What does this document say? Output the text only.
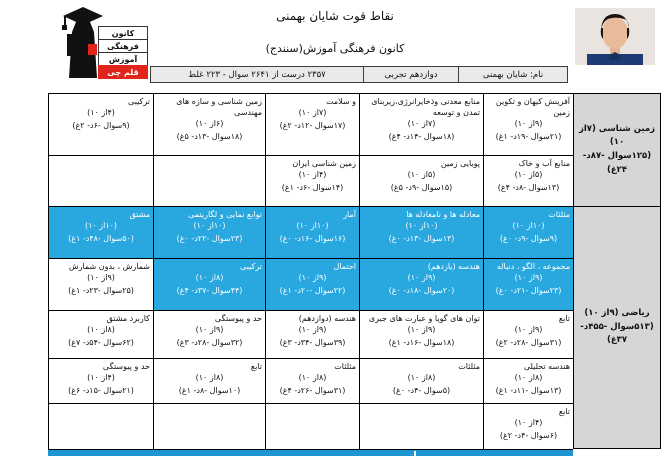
کانون
فرهنگی
آموزش
قلم چی
نقاط قوت شایان بهمنی
کانون فرهنگی آموزش(سنندج)
نام: شایان بهمنی
دوازدهم تجربی
۲۳۵۷ درست از ۲۶۴۱ سوال - ۲۲۳ غلط
زمین شناسی (۷از ۱۰)
(۱۲۵سوال -۸۷د- ۲۴غ)
ریاضی (۹از ۱۰)
(۵۱۳سوال -۴۵۵د- ۳۷غ)
آفرینش کیهان و تکوین زمین
(۹از ۱۰)
(۲۱سوال -۱۹د- ۱غ)
منابع معدنی وذخایرانرژی،زیربنای تمدن و توسعه
(۷از ۱۰)
(۱۸سوال -۱۴د- ۴غ)
و سلامت
(۷از ۱۰)
(۱۷سوال -۱۲د- ۲غ)
زمین شناسی و سازه های مهندسی
(۶از ۱۰)
(۱۸سوال -۱۳د- ۵غ)
ترکیبی
(۴از ۱۰)
(۹سوال -۶د- ۲غ)
منابع آب و خاک
(۵از ۱۰)
(۱۳سوال -۸د- ۴غ)
پویایی زمین
(۵از ۱۰)
(۱۵سوال -۹د- ۵غ)
زمین شناسی ایران
(۴از ۱۰)
(۱۴سوال -۶د- ۱غ)
مثلثات
(۱۰از ۱۰)
(۹سوال -۹د- ۰غ)
معادله ها و نامعادله ها
(۱۰از ۱۰)
(۱۳سوال -۱۳د- ۰غ)
آمار
(۱۰از ۱۰)
(۱۶سوال -۱۶د- ۰غ)
توابع نمایی و لگاریتمی
(۱۰از ۱۰)
(۲۳سوال -۲۲د- ۰غ)
مشتق
(۱۰از ۱۰)
(۵۰سوال -۴۸د- ۱غ)
مجموعه ، الگو ، دنباله
(۹از ۱۰)
(۲۳سوال -۲۱د- ۰غ)
هندسه (یازدهم)
(۹از ۱۰)
(۲۰سوال -۱۸د- ۰غ)
احتمال
(۹از ۱۰)
(۲۲سوال -۲۰د- ۱غ)
ترکیبی
(۸از ۱۰)
(۴۴سوال -۳۷د- ۴غ)
شمارش ، بدون شمارش
(۹از ۱۰)
(۲۵سوال -۲۳د- ۱غ)
تابع
(۹از ۱۰)
(۳۱سوال -۲۸د- ۲غ)
توان های گویا و عبارت های جبری
(۹از ۱۰)
(۱۸سوال -۱۶د- ۱غ)
هندسه (دوازدهم)
(۹از ۱۰)
(۳۹سوال -۳۴د- ۳غ)
حد و پیوستگی
(۹از ۱۰)
(۳۲سوال -۲۸د- ۳غ)
کاربرد مشتق
(۸از ۱۰)
(۶۲سوال -۵۴د- ۷غ)
هندسه تحلیلی
(۸از ۱۰)
(۱۳سوال -۱۱د- ۱غ)
مثلثات
(۸از ۱۰)
(۵سوال -۴د- ۰غ)
مثلثات
(۸از ۱۰)
(۳۱سوال -۲۶د- ۴غ)
تابع
(۸از ۱۰)
(۱۰سوال -۸د- ۱غ)
حد و پیوستگی
(۴از ۱۰)
(۲۱سوال -۱۵د- ۶غ)
تابع
(۴از ۱۰)
(۶سوال -۴د- ۲غ)
